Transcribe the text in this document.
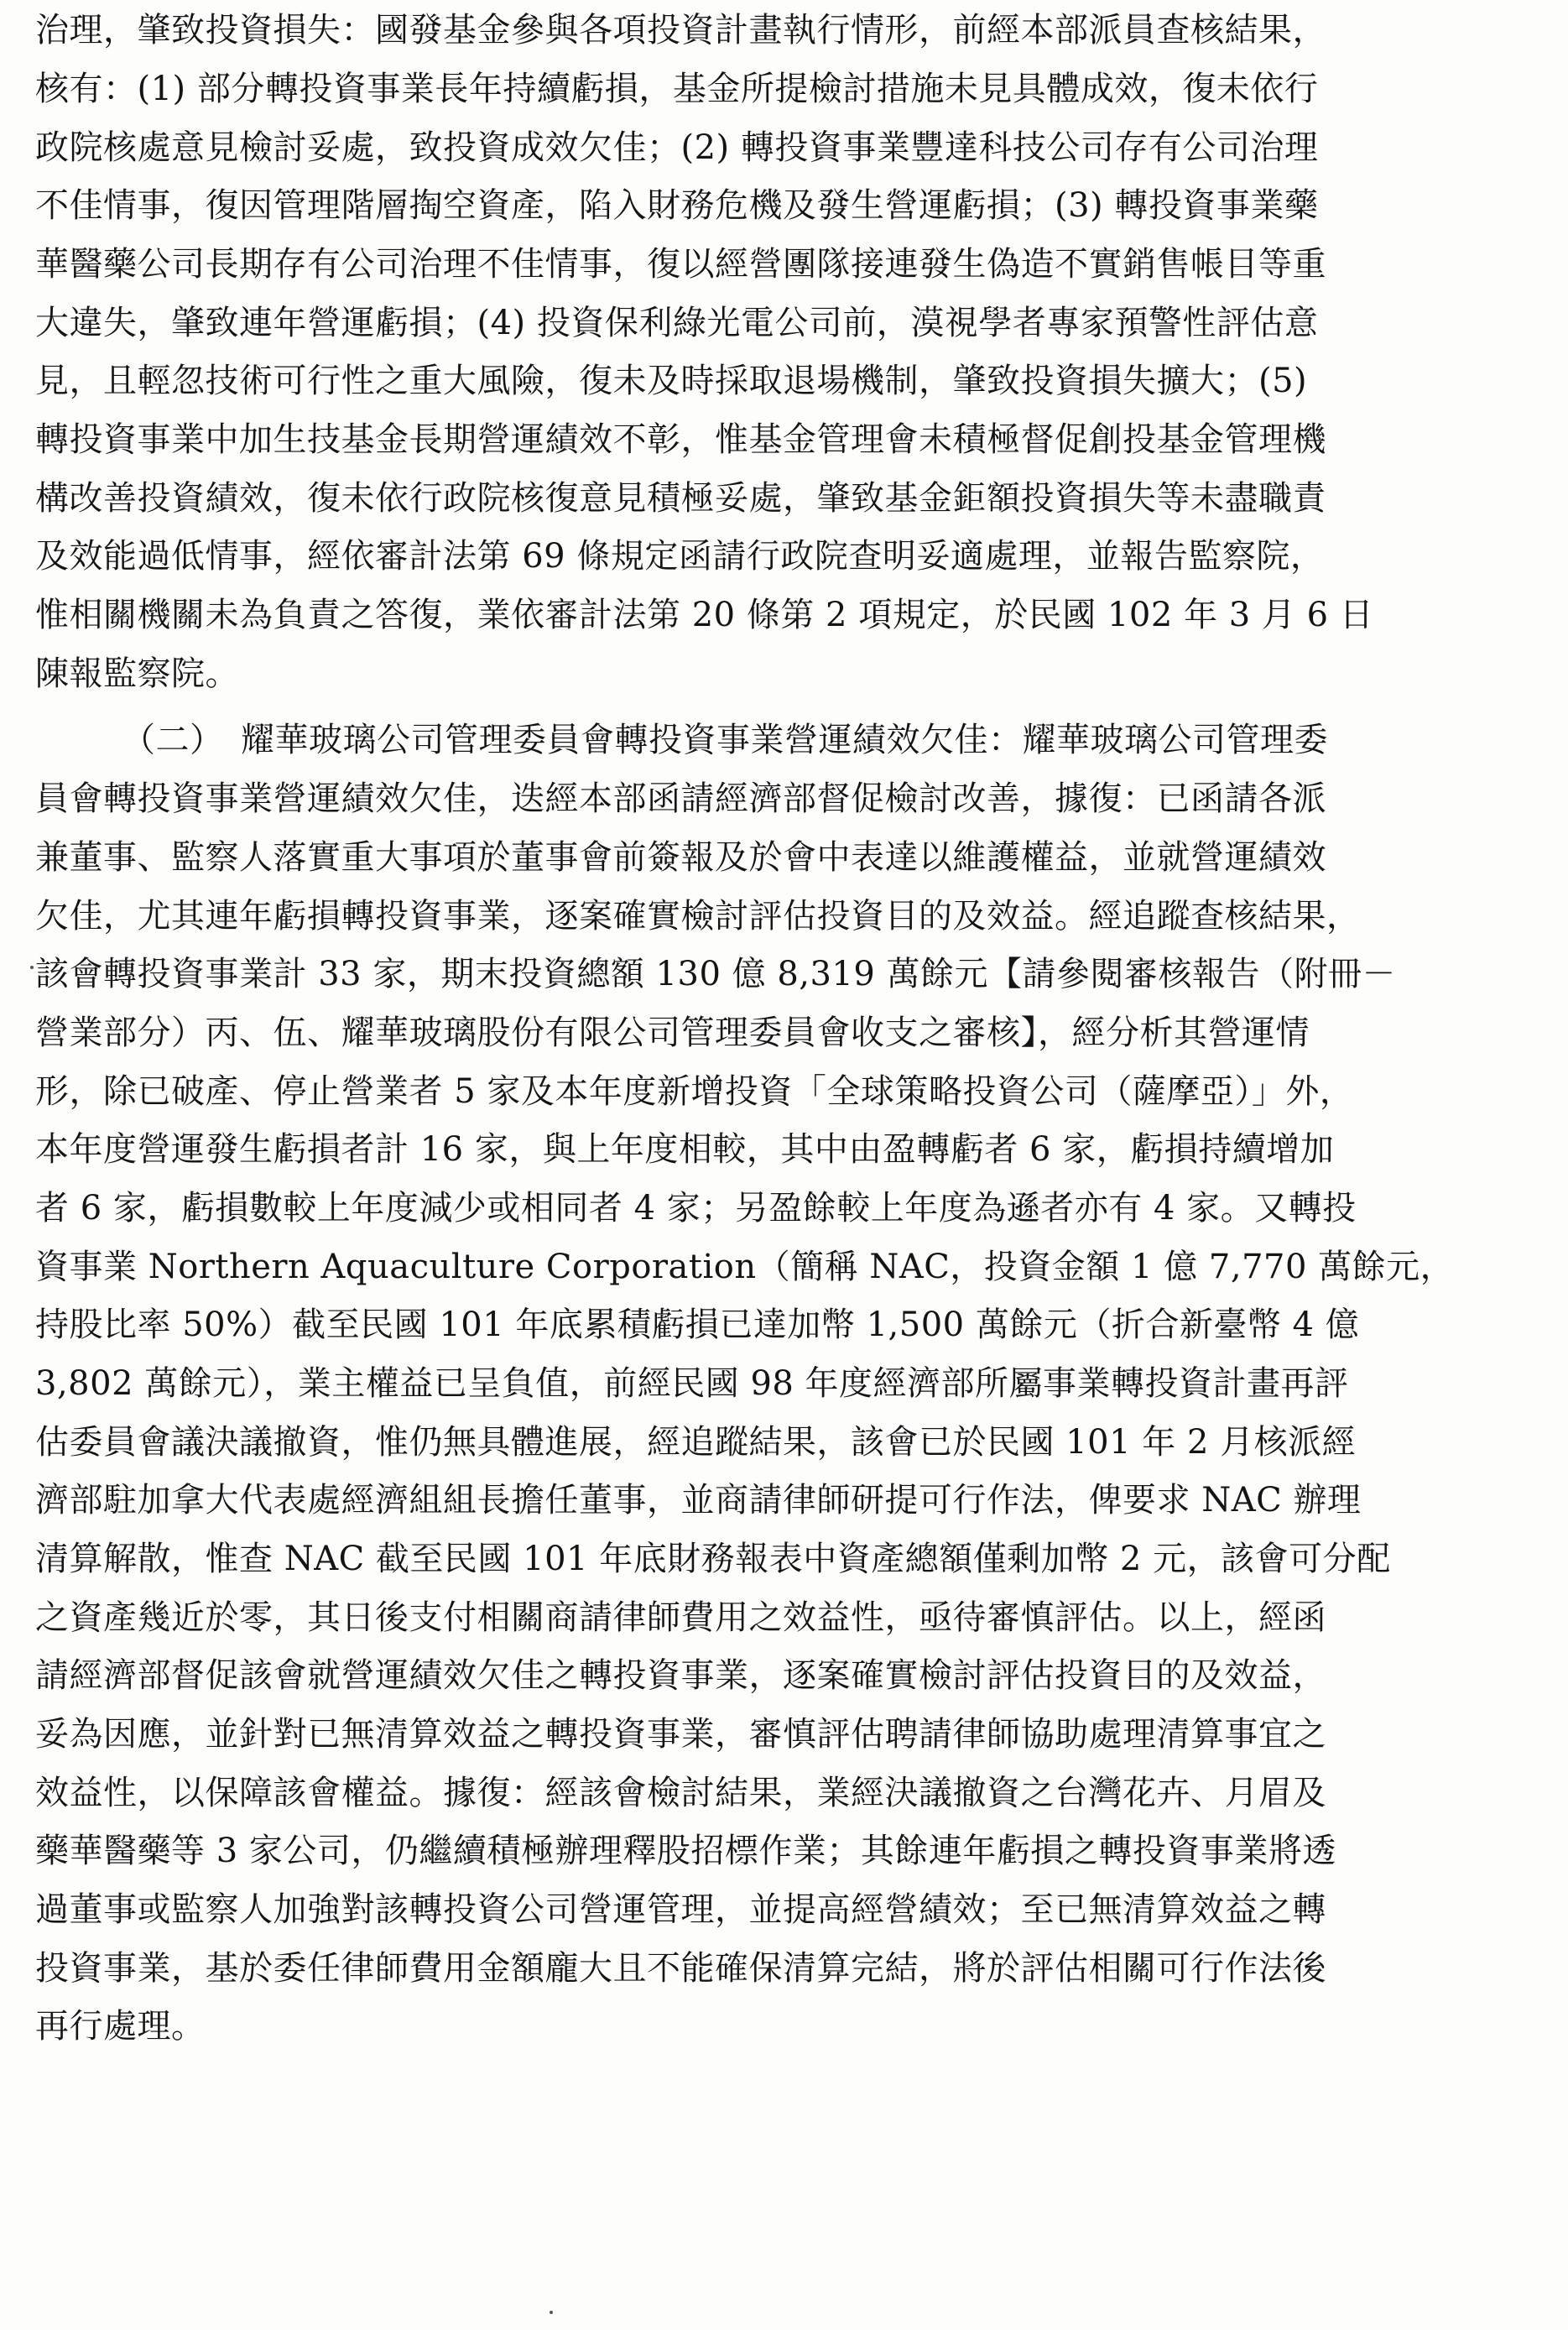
治理，肇致投資損失：國發基金參與各項投資計畫執行情形，前經本部派員查核結果，
核有：(1) 部分轉投資事業長年持續虧損，基金所提檢討措施未見具體成效，復未依行
政院核處意見檢討妥處，致投資成效欠佳；(2) 轉投資事業豐達科技公司存有公司治理
不佳情事，復因管理階層掏空資產，陷入財務危機及發生營運虧損；(3) 轉投資事業藥
華醫藥公司長期存有公司治理不佳情事，復以經營團隊接連發生偽造不實銷售帳目等重
大違失，肇致連年營運虧損；(4) 投資保利綠光電公司前，漠視學者專家預警性評估意
見，且輕忽技術可行性之重大風險，復未及時採取退場機制，肇致投資損失擴大；(5)
轉投資事業中加生技基金長期營運績效不彰，惟基金管理會未積極督促創投基金管理機
構改善投資績效，復未依行政院核復意見積極妥處，肇致基金鉅額投資損失等未盡職責
及效能過低情事，經依審計法第 69 條規定函請行政院查明妥適處理，並報告監察院，
惟相關機關未為負責之答復，業依審計法第 20 條第 2 項規定，於民國 102 年 3 月 6 日
陳報監察院。
（二）　耀華玻璃公司管理委員會轉投資事業營運績效欠佳：耀華玻璃公司管理委
員會轉投資事業營運績效欠佳，迭經本部函請經濟部督促檢討改善，據復：已函請各派
兼董事、監察人落實重大事項於董事會前簽報及於會中表達以維護權益，並就營運績效
欠佳，尤其連年虧損轉投資事業，逐案確實檢討評估投資目的及效益。經追蹤查核結果，
該會轉投資事業計 33 家，期末投資總額 130 億 8,319 萬餘元【請參閱審核報告（附冊－
營業部分）丙、伍、耀華玻璃股份有限公司管理委員會收支之審核】，經分析其營運情
形，除已破產、停止營業者 5 家及本年度新增投資「全球策略投資公司（薩摩亞）」外，
本年度營運發生虧損者計 16 家，與上年度相較，其中由盈轉虧者 6 家，虧損持續增加
者 6 家，虧損數較上年度減少或相同者 4 家；另盈餘較上年度為遜者亦有 4 家。又轉投
資事業 Northern Aquaculture Corporation（簡稱 NAC，投資金額 1 億 7,770 萬餘元，
持股比率 50%）截至民國 101 年底累積虧損已達加幣 1,500 萬餘元（折合新臺幣 4 億
3,802 萬餘元），業主權益已呈負值，前經民國 98 年度經濟部所屬事業轉投資計畫再評
估委員會議決議撤資，惟仍無具體進展，經追蹤結果，該會已於民國 101 年 2 月核派經
濟部駐加拿大代表處經濟組組長擔任董事，並商請律師研提可行作法，俾要求 NAC 辦理
清算解散，惟查 NAC 截至民國 101 年底財務報表中資產總額僅剩加幣 2 元，該會可分配
之資產幾近於零，其日後支付相關商請律師費用之效益性，亟待審慎評估。以上，經函
請經濟部督促該會就營運績效欠佳之轉投資事業，逐案確實檢討評估投資目的及效益，
妥為因應，並針對已無清算效益之轉投資事業，審慎評估聘請律師協助處理清算事宜之
效益性，以保障該會權益。據復：經該會檢討結果，業經決議撤資之台灣花卉、月眉及
藥華醫藥等 3 家公司，仍繼續積極辦理釋股招標作業；其餘連年虧損之轉投資事業將透
過董事或監察人加強對該轉投資公司營運管理，並提高經營績效；至已無清算效益之轉
投資事業，基於委任律師費用金額龐大且不能確保清算完結，將於評估相關可行作法後
再行處理。
